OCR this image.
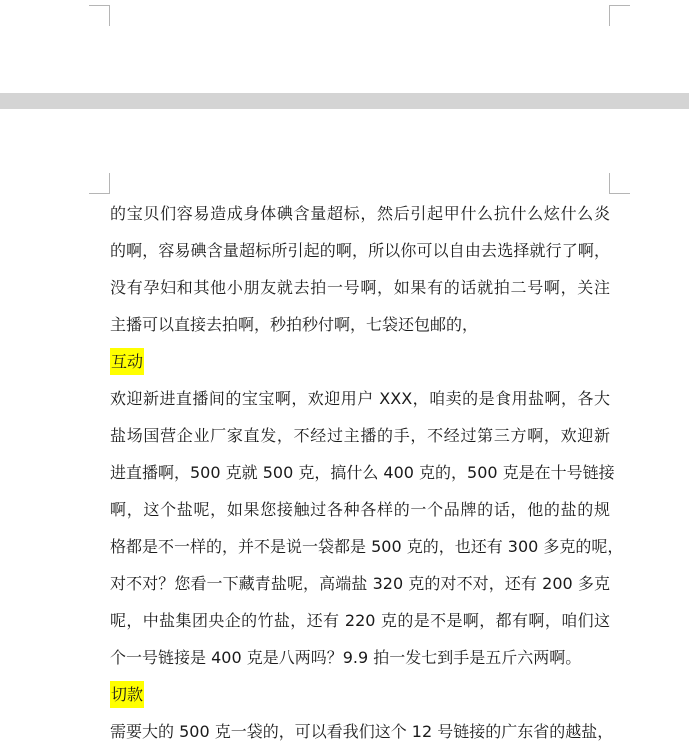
的宝贝们容易造成身体碘含量超标，然后引起甲什么抗什么炫什么炎
的啊，容易碘含量超标所引起的啊，所以你可以自由去选择就行了啊，
没有孕妇和其他小朋友就去拍一号啊，如果有的话就拍二号啊，关注
主播可以直接去拍啊，秒拍秒付啊，七袋还包邮的，
互动
欢迎新进直播间的宝宝啊，欢迎用户 XXX，咱卖的是食用盐啊，各大
盐场国营企业厂家直发，不经过主播的手，不经过第三方啊，欢迎新
进直播啊，500 克就 500 克，搞什么 400 克的，500 克是在十号链接
啊，这个盐呢，如果您接触过各种各样的一个品牌的话，他的盐的规
格都是不一样的，并不是说一袋都是 500 克的，也还有 300 多克的呢，
对不对？您看一下藏青盐呢，高端盐 320 克的对不对，还有 200 多克
呢，中盐集团央企的竹盐，还有 220 克的是不是啊，都有啊，咱们这
个一号链接是 400 克是八两吗？9.9 拍一发七到手是五斤六两啊。
切款
需要大的 500 克一袋的，可以看我们这个 12 号链接的广东省的越盐，
